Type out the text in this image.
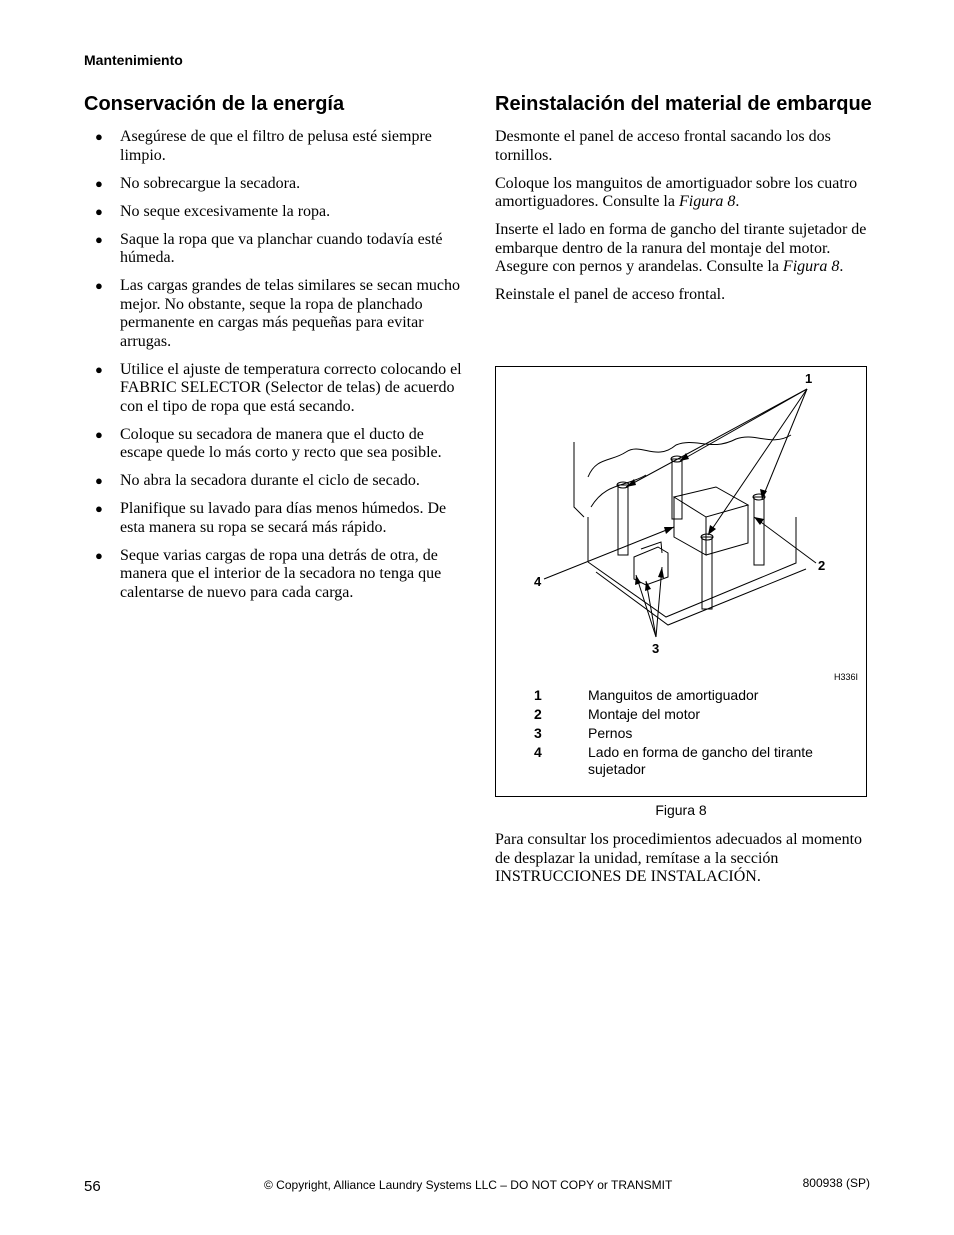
Mantenimiento
Conservación de la energía
● Asegúrese de que el filtro de pelusa esté siempre limpio.
● No sobrecargue la secadora.
● No seque excesivamente la ropa.
● Saque la ropa que va planchar cuando todavía esté húmeda.
● Las cargas grandes de telas similares se secan mucho mejor. No obstante, seque la ropa de planchado permanente en cargas más pequeñas para evitar arrugas.
● Utilice el ajuste de temperatura correcto colocando el FABRIC SELECTOR (Selector de telas) de acuerdo con el tipo de ropa que está secando.
● Coloque su secadora de manera que el ducto de escape quede lo más corto y recto que sea posible.
● No abra la secadora durante el ciclo de secado.
● Planifique su lavado para días menos húmedos. De esta manera su ropa se secará más rápido.
● Seque varias cargas de ropa una detrás de otra, de manera que el interior de la secadora no tenga que calentarse de nuevo para cada carga.
Reinstalación del material de embarque

Desmonte el panel de acceso frontal sacando los dos tornillos.

Coloque los manguitos de amortiguador sobre los cuatro amortiguadores. Consulte la Figura 8.

Inserte el lado en forma de gancho del tirante sujetador de embarque dentro de la ranura del montaje del motor. Asegure con pernos y arandelas. Consulte la Figura 8.

Reinstale el panel de acceso frontal.

1
2
3
4
H336I
1	Manguitos de amortiguador
2	Montaje del motor
3	Pernos
4	Lado en forma de gancho del tirante sujetador
Figura 8

Para consultar los procedimientos adecuados al momento de desplazar la unidad, remítase a la sección INSTRUCCIONES DE INSTALACIÓN.

56	© Copyright, Alliance Laundry Systems LLC – DO NOT COPY or TRANSMIT	800938 (SP)
